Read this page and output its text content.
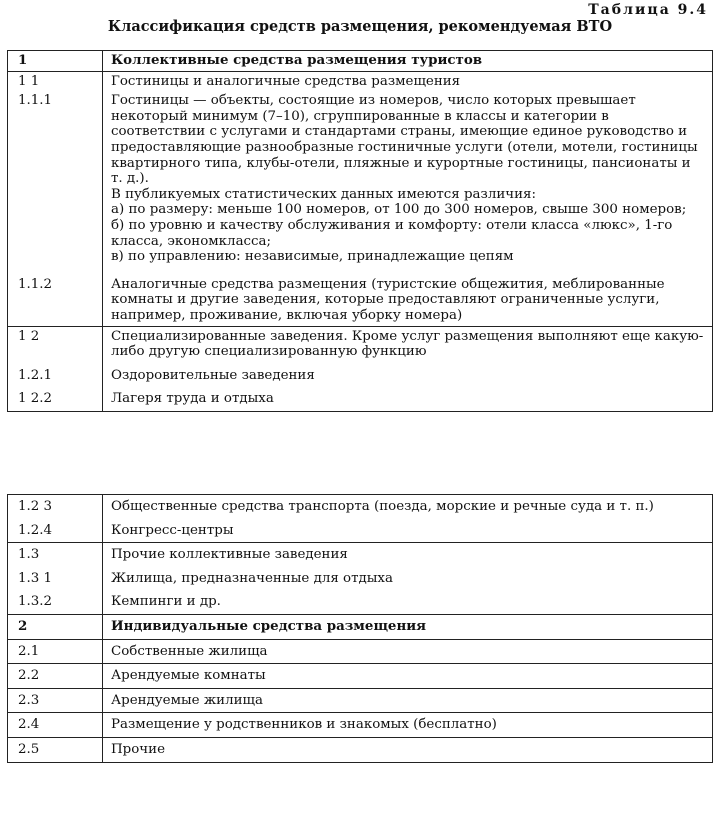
Таблица 9.4
Классификация средств размещения, рекомендуемая ВТО
1	Коллективные средства размещения туристов
1 1	Гостиницы и аналогичные средства размещения
1.1.1	Гостиницы — объекты, состоящие из номеров, число которых превышает некоторый минимум (7–10), сгруппированные в классы и категории в соответствии с услугами и стандартами страны, имеющие единое руководство и предоставляющие разнообразные гостиничные услуги (отели, мотели, гостиницы квартирного типа, клубы-отели, пляжные и курортные гостиницы, пансионаты и т. д.).
В публикуемых статистических данных имеются различия:
а) по размеру: меньше 100 номеров, от 100 до 300 номеров, свыше 300 номеров;
б) по уровню и качеству обслуживания и комфорту: отели класса «люкс», 1-го класса, экономкласса;
в) по управлению: независимые, принадлежащие цепям

1.1.2	Аналогичные средства размещения (туристские общежития, меблированные комнаты и другие заведения, которые предоставляют ограниченные услуги, например, проживание, включая уборку номера)
1 2	Специализированные заведения. Кроме услуг размещения выполняют еще какую-либо другую специализированную функцию
1.2.1	Оздоровительные заведения
1 2.2	Лагеря труда и отдыха
1.2 3	Общественные средства транспорта (поезда, морские и речные суда и т. п.)
1.2.4	Конгресс-центры
1.3	Прочие коллективные заведения
1.3 1	Жилища, предназначенные для отдыха
1.3.2	Кемпинги и др.
2	Индивидуальные средства размещения
2.1	Собственные жилища
2.2	Арендуемые комнаты
2.3	Арендуемые жилища
2.4	Размещение у родственников и знакомых (бесплатно)
2.5	Прочие
